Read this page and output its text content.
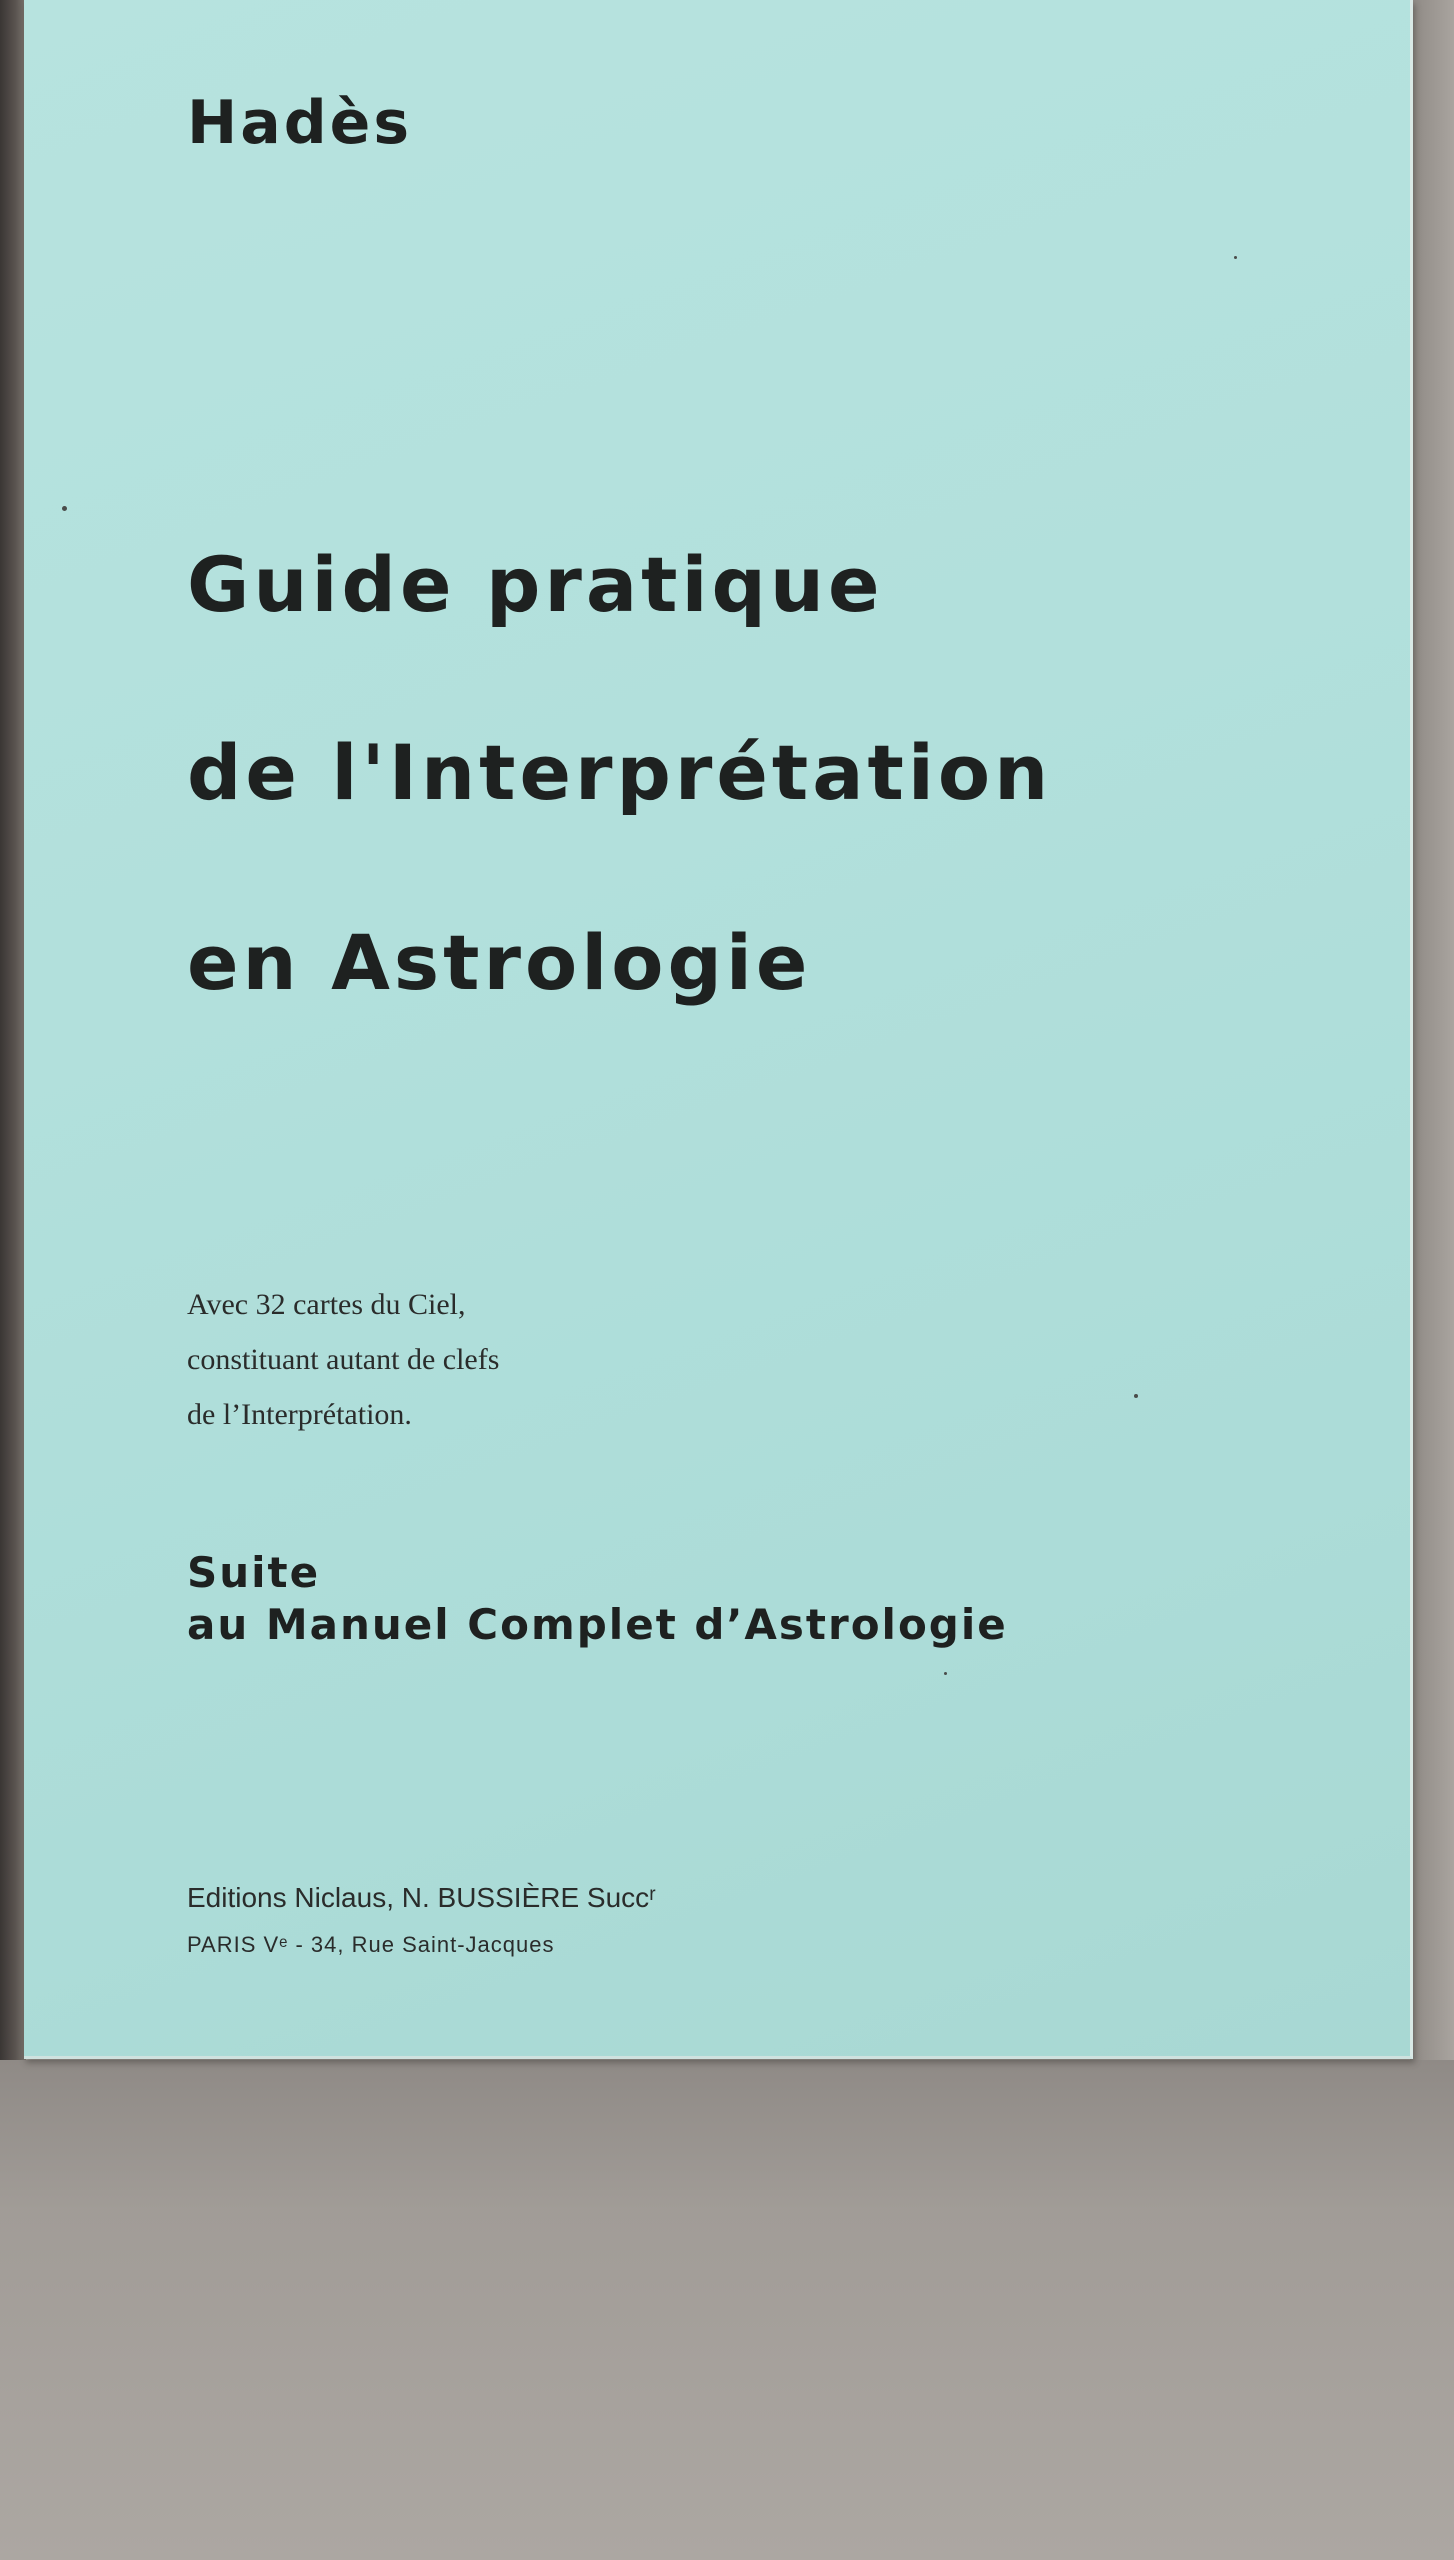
Hadès
Guide pratique
de l'Interprétation
en Astrologie

Avec 32 cartes du Ciel,

constituant autant de clefs

de l’Interprétation.

Suite

au Manuel Complet d’Astrologie

Editions Niclaus, N. BUSSIÈRE Succʳ

PARIS Vᵉ - 34, Rue Saint-Jacques
